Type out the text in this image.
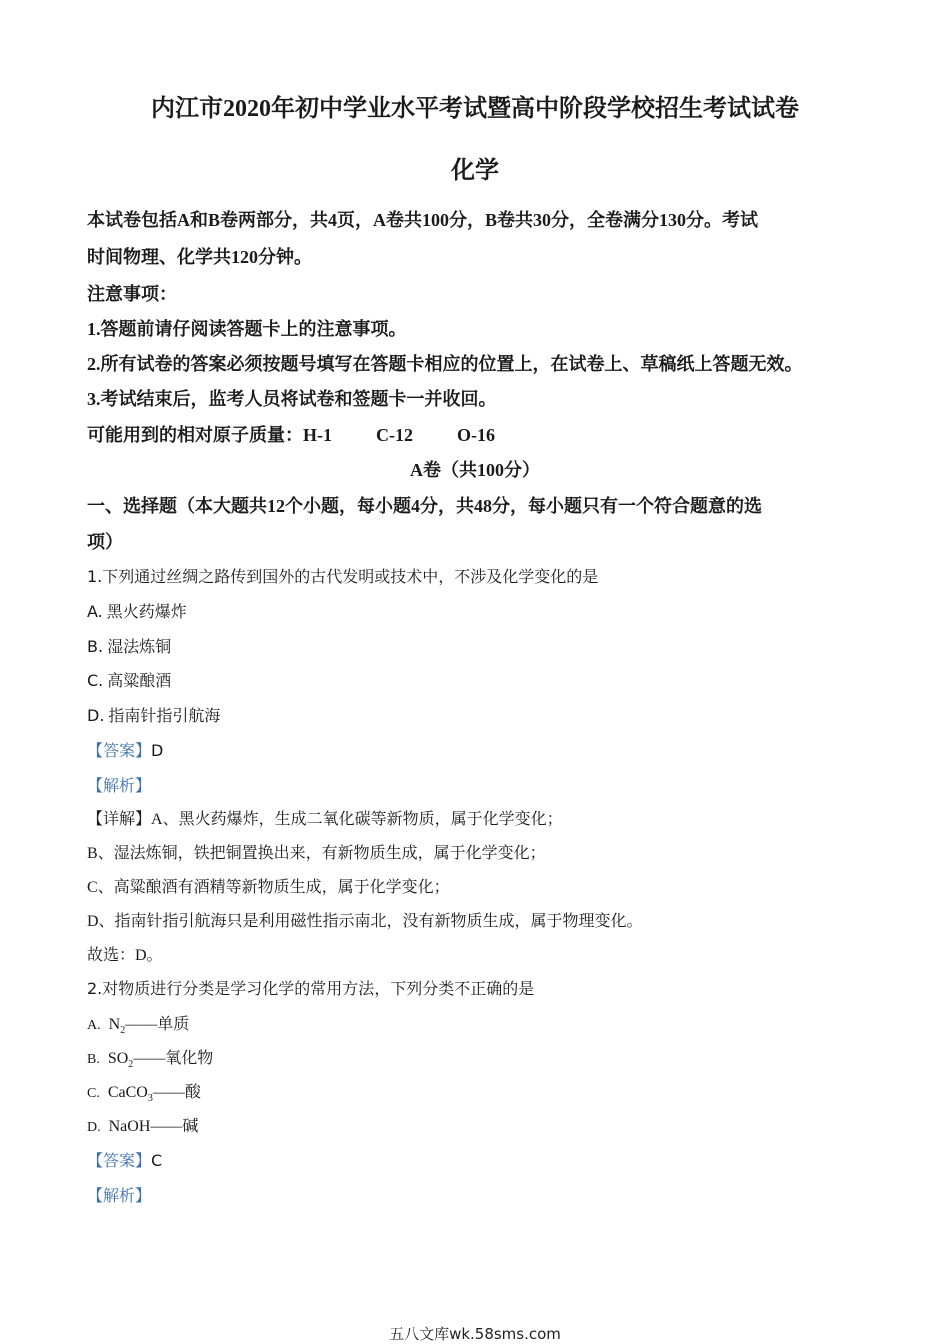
内江市2020年初中学业水平考试暨高中阶段学校招生考试试卷
化学
本试卷包括A和B卷两部分，共4页，A卷共100分，B卷共30分，全卷满分130分。考试
时间物理、化学共120分钟。
注意事项：
1.答题前请仔阅读答题卡上的注意事项。
2.所有试卷的答案必须按题号填写在答题卡相应的位置上，在试卷上、草稿纸上答题无效。
3.考试结束后，监考人员将试卷和签题卡一并收回。
可能用到的相对原子质量：H-1 C-12 O-16
A卷（共100分）
一、选择题（本大题共12个小题，每小题4分，共48分，每小题只有一个符合题意的选
项）
1.下列通过丝绸之路传到国外的古代发明或技术中，不涉及化学变化的是
A. 黑火药爆炸
B. 湿法炼铜
C. 高粱酿酒
D. 指南针指引航海
【答案】D
【解析】
【详解】A、黑火药爆炸，生成二氧化碳等新物质，属于化学变化；
B、湿法炼铜，铁把铜置换出来，有新物质生成，属于化学变化；
C、高粱酿酒有酒精等新物质生成，属于化学变化；
D、指南针指引航海只是利用磁性指示南北，没有新物质生成，属于物理变化。
故选：D。
2.对物质进行分类是学习化学的常用方法，下列分类不正确的是
A. $N_2——$单质
B. $SO_2——$氧化物
C. CaCO$_3$——酸
D. NaOH——碱
【答案】C
【解析】
五八文库wk.58sms.com
